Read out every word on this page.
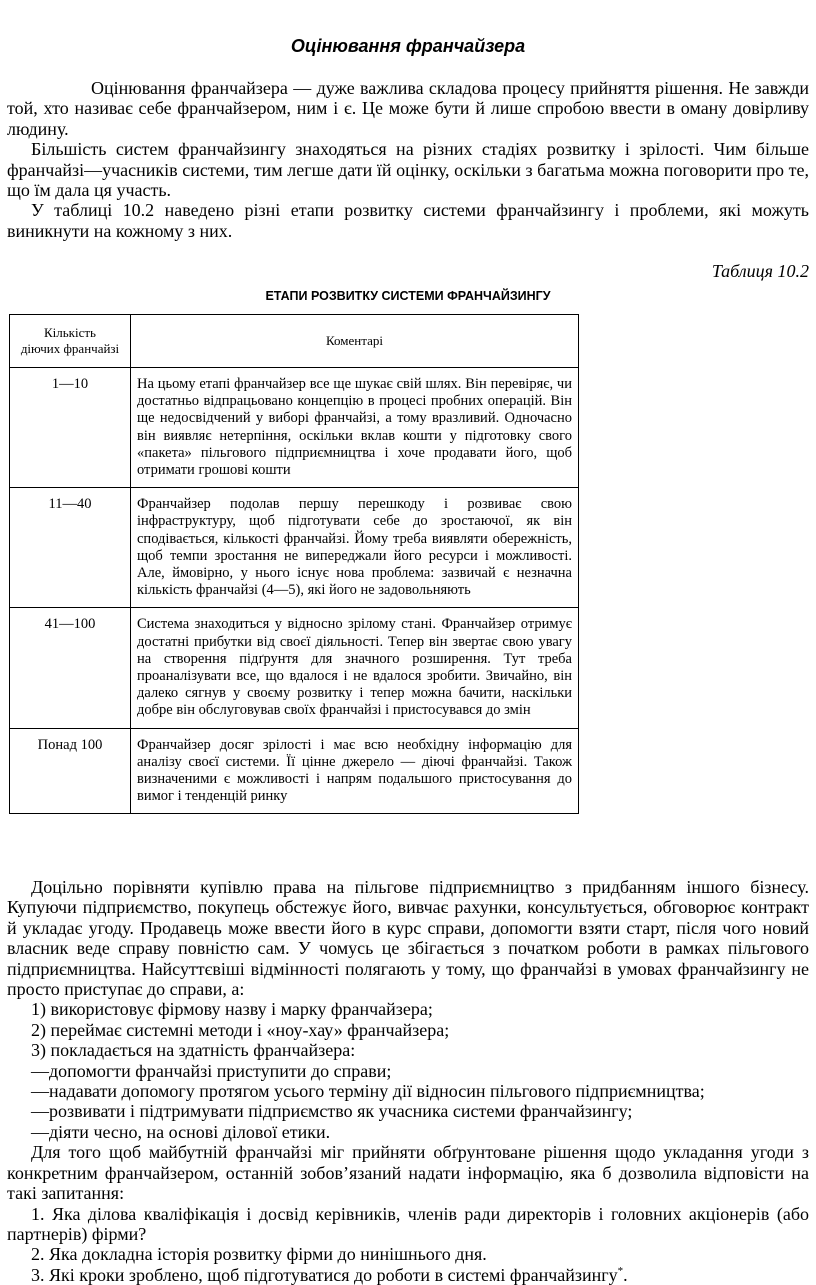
Оцінювання франчайзера

Оцінювання франчайзера — дуже важлива складова процесу прийняття рішення. Не завжди той, хто називає себе франчайзером, ним і є. Це може бути й лише спробою ввести в оману довірливу людину.

Більшість систем франчайзингу знаходяться на різних стадіях розвитку і зрілості. Чим більше франчайзі—учасників системи, тим легше дати їй оцінку, оскільки з багатьма можна поговорити про те, що їм дала ця участь.

У таблиці 10.2 наведено різні етапи розвитку системи франчайзингу і проблеми, які можуть виникнути на кожному з них.

Таблиця 10.2
ЕТАПИ РОЗВИТКУ СИСТЕМИ ФРАНЧАЙЗИНГУ
Кількість
діючих франчайзі	Коментарі
1—10	На цьому етапі франчайзер все ще шукає свій шлях. Він перевіряє, чи достатньо відпрацьовано концепцію в процесі пробних операцій. Він ще недосвідчений у виборі франчайзі, а тому вразливий. Одночасно він виявляє нетерпіння, оскільки вклав кошти у підготовку свого «пакета» пільгового підприємництва і хоче продавати його, щоб отримати грошові кошти
11—40	Франчайзер подолав першу перешкоду і розвиває свою інфраструктуру, щоб підготувати себе до зростаючої, як він сподівається, кількості франчайзі. Йому треба виявляти обережність, щоб темпи зростання не випереджали його ресурси і можливості. Але, ймовірно, у нього існує нова проблема: зазвичай є незначна кількість франчайзі (4—5), які його не задовольняють
41—100	Система знаходиться у відносно зрілому стані. Франчайзер отримує достатні прибутки від своєї діяльності. Тепер він звертає свою увагу на створення підґрунтя для значного розширення. Тут треба проаналізувати все, що вдалося і не вдалося зробити. Звичайно, він далеко сягнув у своєму розвитку і тепер можна бачити, наскільки добре він обслуговував своїх франчайзі і пристосувався до змін
Понад 100	Франчайзер досяг зрілості і має всю необхідну інформацію для аналізу своєї системи. Її цінне джерело — діючі франчайзі. Також визначеними є можливості і напрям подальшого пристосування до вимог і тенденцій ринку

Доцільно порівняти купівлю права на пільгове підприємництво з придбанням іншого бізнесу. Купуючи підприємство, покупець обстежує його, вивчає рахунки, консультується, обговорює контракт й укладає угоду. Продавець може ввести його в курс справи, допомогти взяти старт, після чого новий власник веде справу повністю сам. У чомусь це збігається з початком роботи в рамках пільгового підприємництва. Найсуттєвіші відмінності полягають у тому, що франчайзі в умовах франчайзингу не просто приступає до справи, а:

1) використовує фірмову назву і марку франчайзера;

2) переймає системні методи і «ноу-хау» франчайзера;

3) покладається на здатність франчайзера:

—допомогти франчайзі приступити до справи;

—надавати допомогу протягом усього терміну дії відносин пільгового підприємництва;

—розвивати і підтримувати підприємство як учасника системи франчайзингу;

—діяти чесно, на основі ділової етики.

Для того щоб майбутній франчайзі міг прийняти обґрунтоване рішення щодо укладання угоди з конкретним франчайзером, останній зобов’язаний надати інформацію, яка б дозволила відповісти на такі запитання:

1. Яка ділова кваліфікація і досвід керівників, членів ради директорів і головних акціонерів (або партнерів) фірми?

2. Яка докладна історія розвитку фірми до нинішнього дня.

3. Які кроки зроблено, щоб підготуватися до роботи в системі франчайзингу*.
